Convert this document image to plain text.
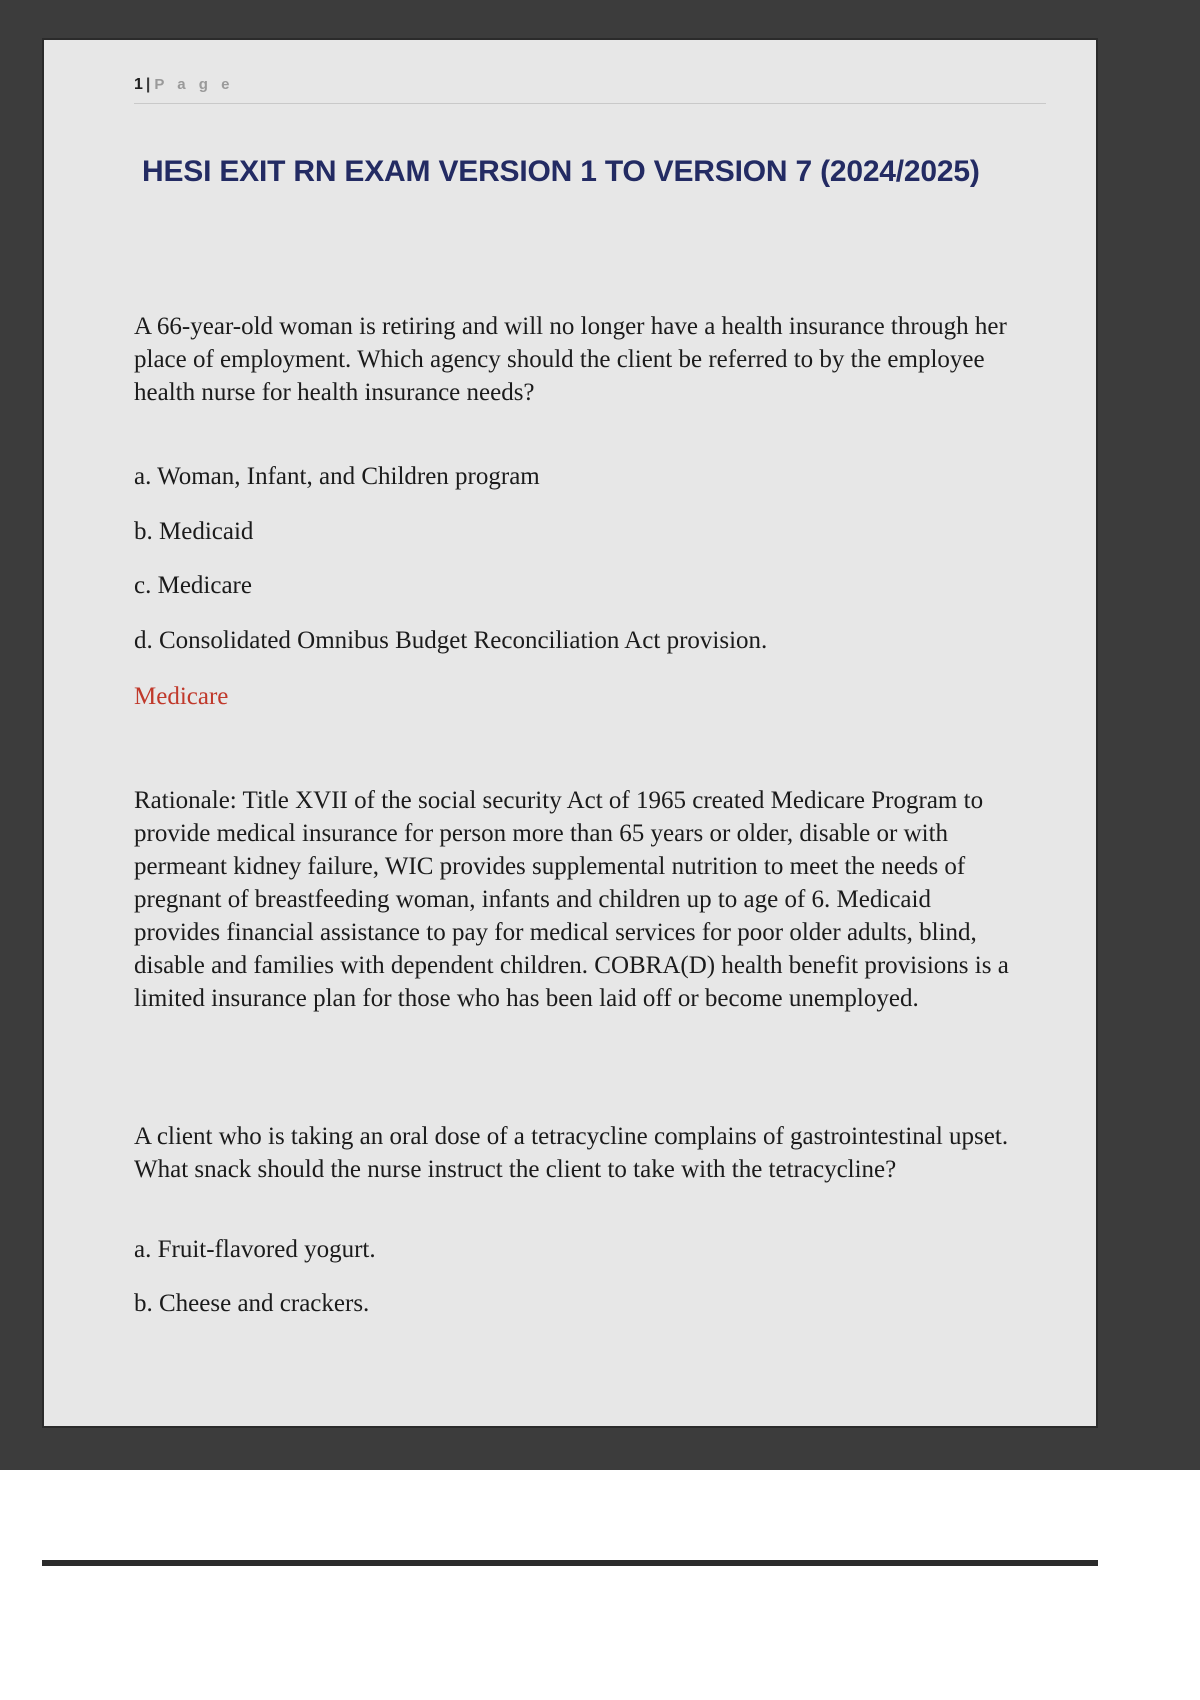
1 | P a g e
HESI EXIT RN EXAM VERSION 1 TO VERSION 7 (2024/2025)

A 66-year-old woman is retiring and will no longer have a health insurance through her place of employment. Which agency should the client be referred to by the employee health nurse for health insurance needs?

a. Woman, Infant, and Children program
b. Medicaid
c. Medicare
d. Consolidated Omnibus Budget Reconciliation Act provision.
Medicare

Rationale: Title XVII of the social security Act of 1965 created Medicare Program to provide medical insurance for person more than 65 years or older, disable or with permeant kidney failure, WIC provides supplemental nutrition to meet the needs of pregnant of breastfeeding woman, infants and children up to age of 6. Medicaid provides financial assistance to pay for medical services for poor older adults, blind, disable and families with dependent children. COBRA(D) health benefit provisions is a limited insurance plan for those who has been laid off or become unemployed.

A client who is taking an oral dose of a tetracycline complains of gastrointestinal upset. What snack should the nurse instruct the client to take with the tetracycline?

a. Fruit-flavored yogurt.
b. Cheese and crackers.
